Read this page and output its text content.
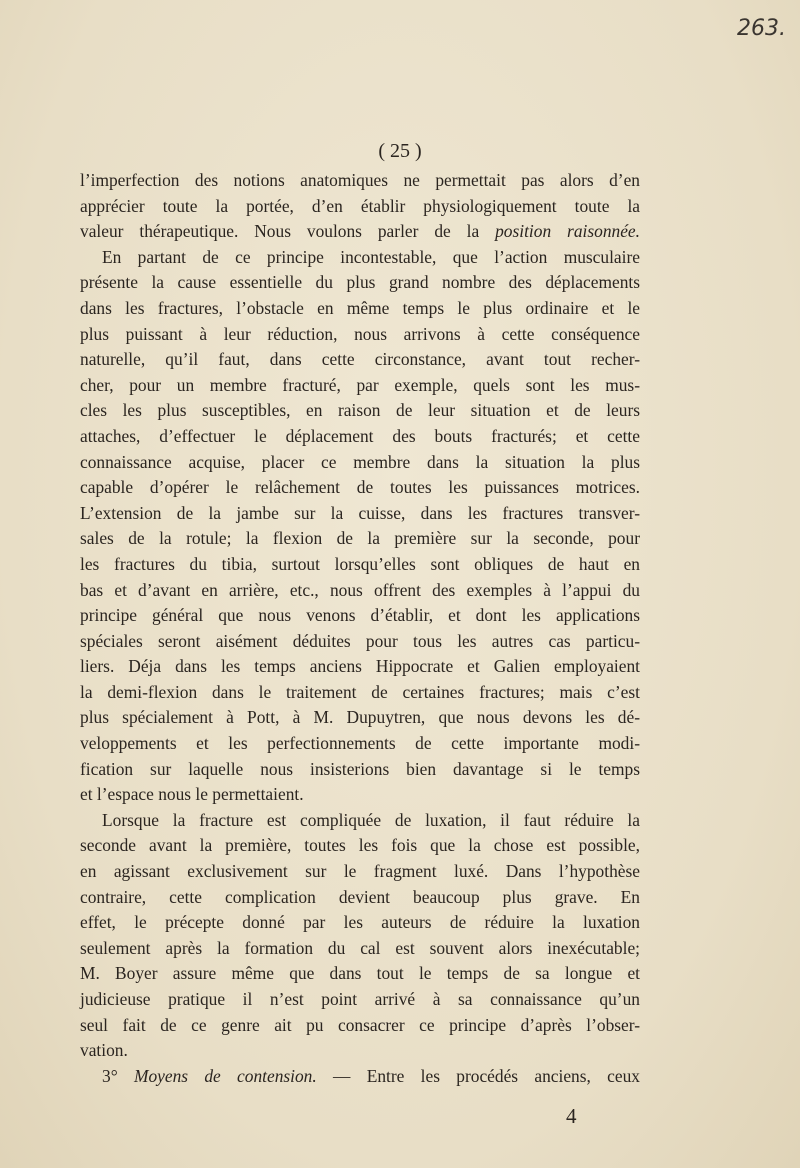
263.
( 25 )
l’imperfection des notions anatomiques ne permettait pas alors d’en
apprécier toute la portée, d’en établir physiologiquement toute la
valeur thérapeutique. Nous voulons parler de la position raisonnée.
En partant de ce principe incontestable, que l’action musculaire
présente la cause essentielle du plus grand nombre des déplacements
dans les fractures, l’obstacle en même temps le plus ordinaire et le
plus puissant à leur réduction, nous arrivons à cette conséquence
naturelle, qu’il faut, dans cette circonstance, avant tout recher-
cher, pour un membre fracturé, par exemple, quels sont les mus-
cles les plus susceptibles, en raison de leur situation et de leurs
attaches, d’effectuer le déplacement des bouts fracturés; et cette
connaissance acquise, placer ce membre dans la situation la plus
capable d’opérer le relâchement de toutes les puissances motrices.
L’extension de la jambe sur la cuisse, dans les fractures transver-
sales de la rotule; la flexion de la première sur la seconde, pour
les fractures du tibia, surtout lorsqu’elles sont obliques de haut en
bas et d’avant en arrière, etc., nous offrent des exemples à l’appui du
principe général que nous venons d’établir, et dont les applications
spéciales seront aisément déduites pour tous les autres cas particu-
liers. Déja dans les temps anciens Hippocrate et Galien employaient
la demi-flexion dans le traitement de certaines fractures; mais c’est
plus spécialement à Pott, à M. Dupuytren, que nous devons les dé-
veloppements et les perfectionnements de cette importante modi-
fication sur laquelle nous insisterions bien davantage si le temps
et l’espace nous le permettaient.
Lorsque la fracture est compliquée de luxation, il faut réduire la
seconde avant la première, toutes les fois que la chose est possible,
en agissant exclusivement sur le fragment luxé. Dans l’hypothèse
contraire, cette complication devient beaucoup plus grave. En
effet, le précepte donné par les auteurs de réduire la luxation
seulement après la formation du cal est souvent alors inexécutable;
M. Boyer assure même que dans tout le temps de sa longue et
judicieuse pratique il n’est point arrivé à sa connaissance qu’un
seul fait de ce genre ait pu consacrer ce principe d’après l’obser-
vation.
3° Moyens de contension. — Entre les procédés anciens, ceux
4
